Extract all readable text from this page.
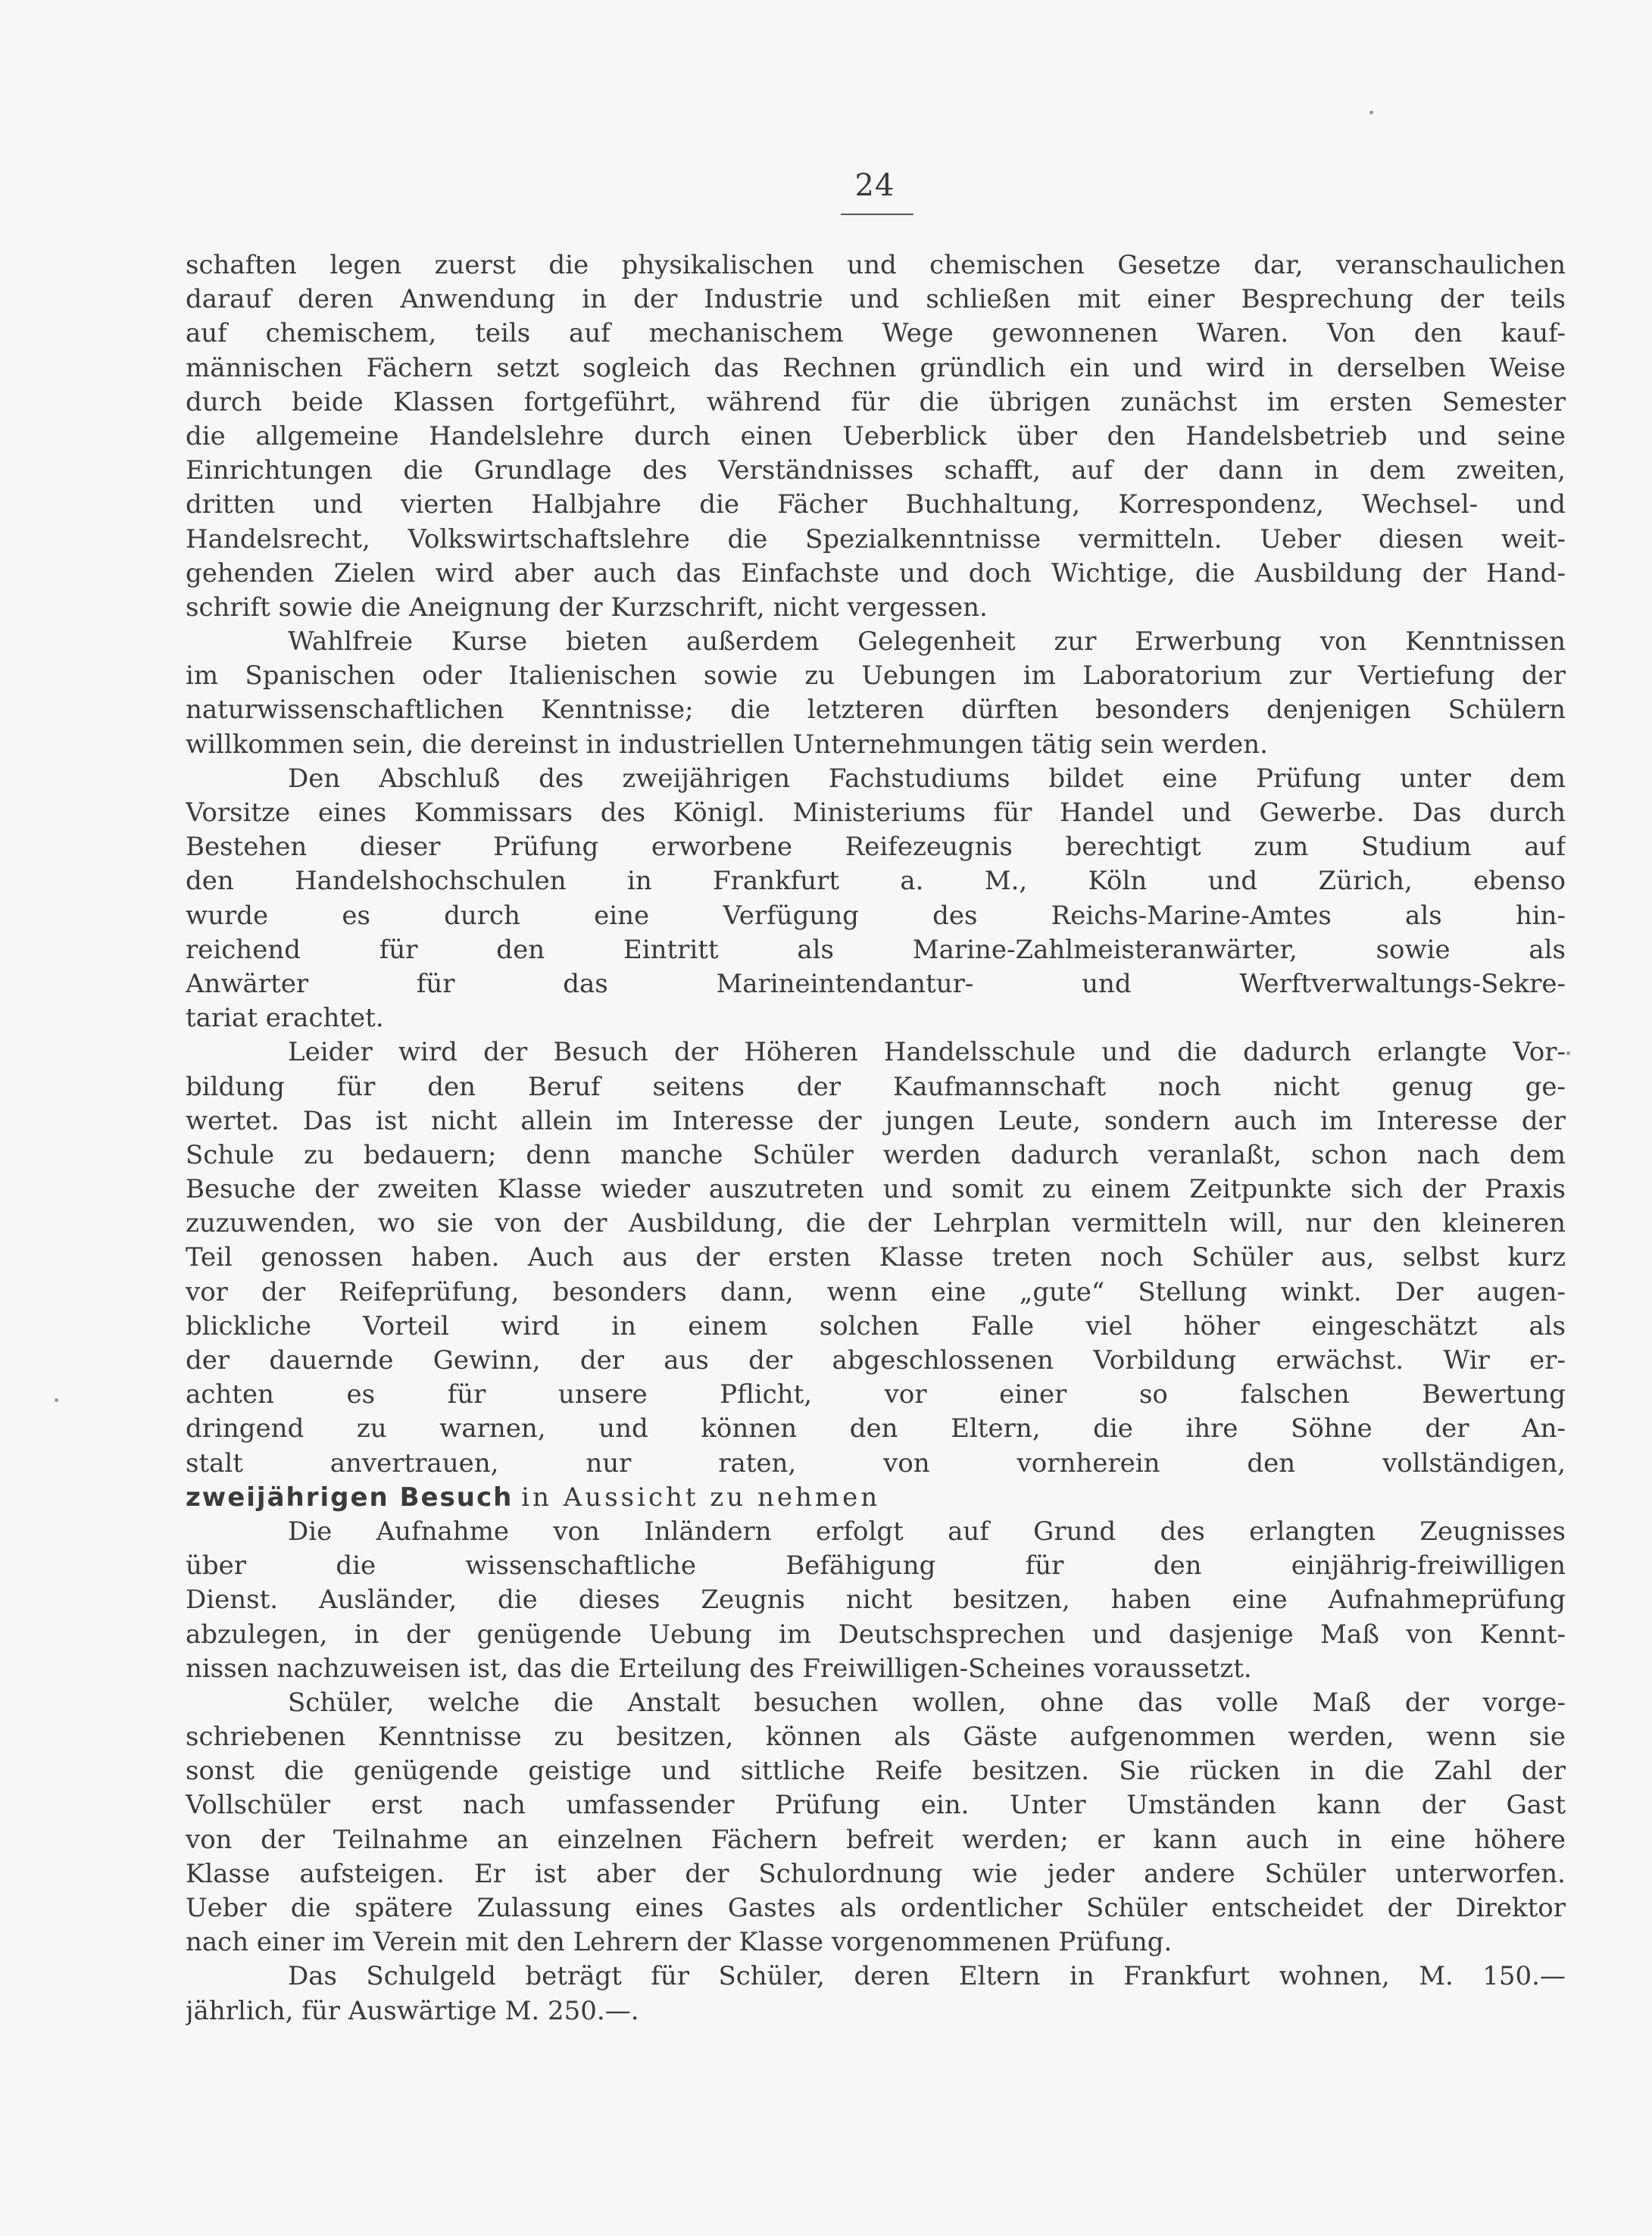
24
schaften legen zuerst die physikalischen und chemischen Gesetze dar, veranschaulichen
darauf deren Anwendung in der Industrie und schließen mit einer Besprechung der teils
auf chemischem, teils auf mechanischem Wege gewonnenen Waren. Von den kauf-
männischen Fächern setzt sogleich das Rechnen gründlich ein und wird in derselben Weise
durch beide Klassen fortgeführt, während für die übrigen zunächst im ersten Semester
die allgemeine Handelslehre durch einen Ueberblick über den Handelsbetrieb und seine
Einrichtungen die Grundlage des Verständnisses schafft, auf der dann in dem zweiten,
dritten und vierten Halbjahre die Fächer Buchhaltung, Korrespondenz, Wechsel- und
Handelsrecht, Volkswirtschaftslehre die Spezialkenntnisse vermitteln. Ueber diesen weit-
gehenden Zielen wird aber auch das Einfachste und doch Wichtige, die Ausbildung der Hand-
schrift sowie die Aneignung der Kurzschrift, nicht vergessen.
Wahlfreie Kurse bieten außerdem Gelegenheit zur Erwerbung von Kenntnissen
im Spanischen oder Italienischen sowie zu Uebungen im Laboratorium zur Vertiefung der
naturwissenschaftlichen Kenntnisse; die letzteren dürften besonders denjenigen Schülern
willkommen sein, die dereinst in industriellen Unternehmungen tätig sein werden.
Den Abschluß des zweijährigen Fachstudiums bildet eine Prüfung unter dem
Vorsitze eines Kommissars des Königl. Ministeriums für Handel und Gewerbe. Das durch
Bestehen dieser Prüfung erworbene Reifezeugnis berechtigt zum Studium auf
den Handelshochschulen in Frankfurt a. M., Köln und Zürich, ebenso
wurde es durch eine Verfügung des Reichs-Marine-Amtes als hin-
reichend für den Eintritt als Marine-Zahlmeisteranwärter, sowie als
Anwärter für das Marineintendantur- und Werftverwaltungs-Sekre-
tariat erachtet.
Leider wird der Besuch der Höheren Handelsschule und die dadurch erlangte Vor-
bildung für den Beruf seitens der Kaufmannschaft noch nicht genug ge-
wertet. Das ist nicht allein im Interesse der jungen Leute, sondern auch im Interesse der
Schule zu bedauern; denn manche Schüler werden dadurch veranlaßt, schon nach dem
Besuche der zweiten Klasse wieder auszutreten und somit zu einem Zeitpunkte sich der Praxis
zuzuwenden, wo sie von der Ausbildung, die der Lehrplan vermitteln will, nur den kleineren
Teil genossen haben. Auch aus der ersten Klasse treten noch Schüler aus, selbst kurz
vor der Reifeprüfung, besonders dann, wenn eine „gute“ Stellung winkt. Der augen-
blickliche Vorteil wird in einem solchen Falle viel höher eingeschätzt als
der dauernde Gewinn, der aus der abgeschlossenen Vorbildung erwächst. Wir er-
achten es für unsere Pflicht, vor einer so falschen Bewertung
dringend zu warnen, und können den Eltern, die ihre Söhne der An-
stalt anvertrauen, nur raten, von vornherein den vollständigen,
zweijährigen Besuch in Aussicht zu nehmen
Die Aufnahme von Inländern erfolgt auf Grund des erlangten Zeugnisses
über die wissenschaftliche Befähigung für den einjährig-freiwilligen
Dienst. Ausländer, die dieses Zeugnis nicht besitzen, haben eine Aufnahmeprüfung
abzulegen, in der genügende Uebung im Deutschsprechen und dasjenige Maß von Kennt-
nissen nachzuweisen ist, das die Erteilung des Freiwilligen-Scheines voraussetzt.
Schüler, welche die Anstalt besuchen wollen, ohne das volle Maß der vorge-
schriebenen Kenntnisse zu besitzen, können als Gäste aufgenommen werden, wenn sie
sonst die genügende geistige und sittliche Reife besitzen. Sie rücken in die Zahl der
Vollschüler erst nach umfassender Prüfung ein. Unter Umständen kann der Gast
von der Teilnahme an einzelnen Fächern befreit werden; er kann auch in eine höhere
Klasse aufsteigen. Er ist aber der Schulordnung wie jeder andere Schüler unterworfen.
Ueber die spätere Zulassung eines Gastes als ordentlicher Schüler entscheidet der Direktor
nach einer im Verein mit den Lehrern der Klasse vorgenommenen Prüfung.
Das Schulgeld beträgt für Schüler, deren Eltern in Frankfurt wohnen, M. 150.—
jährlich, für Auswärtige M. 250.—.
